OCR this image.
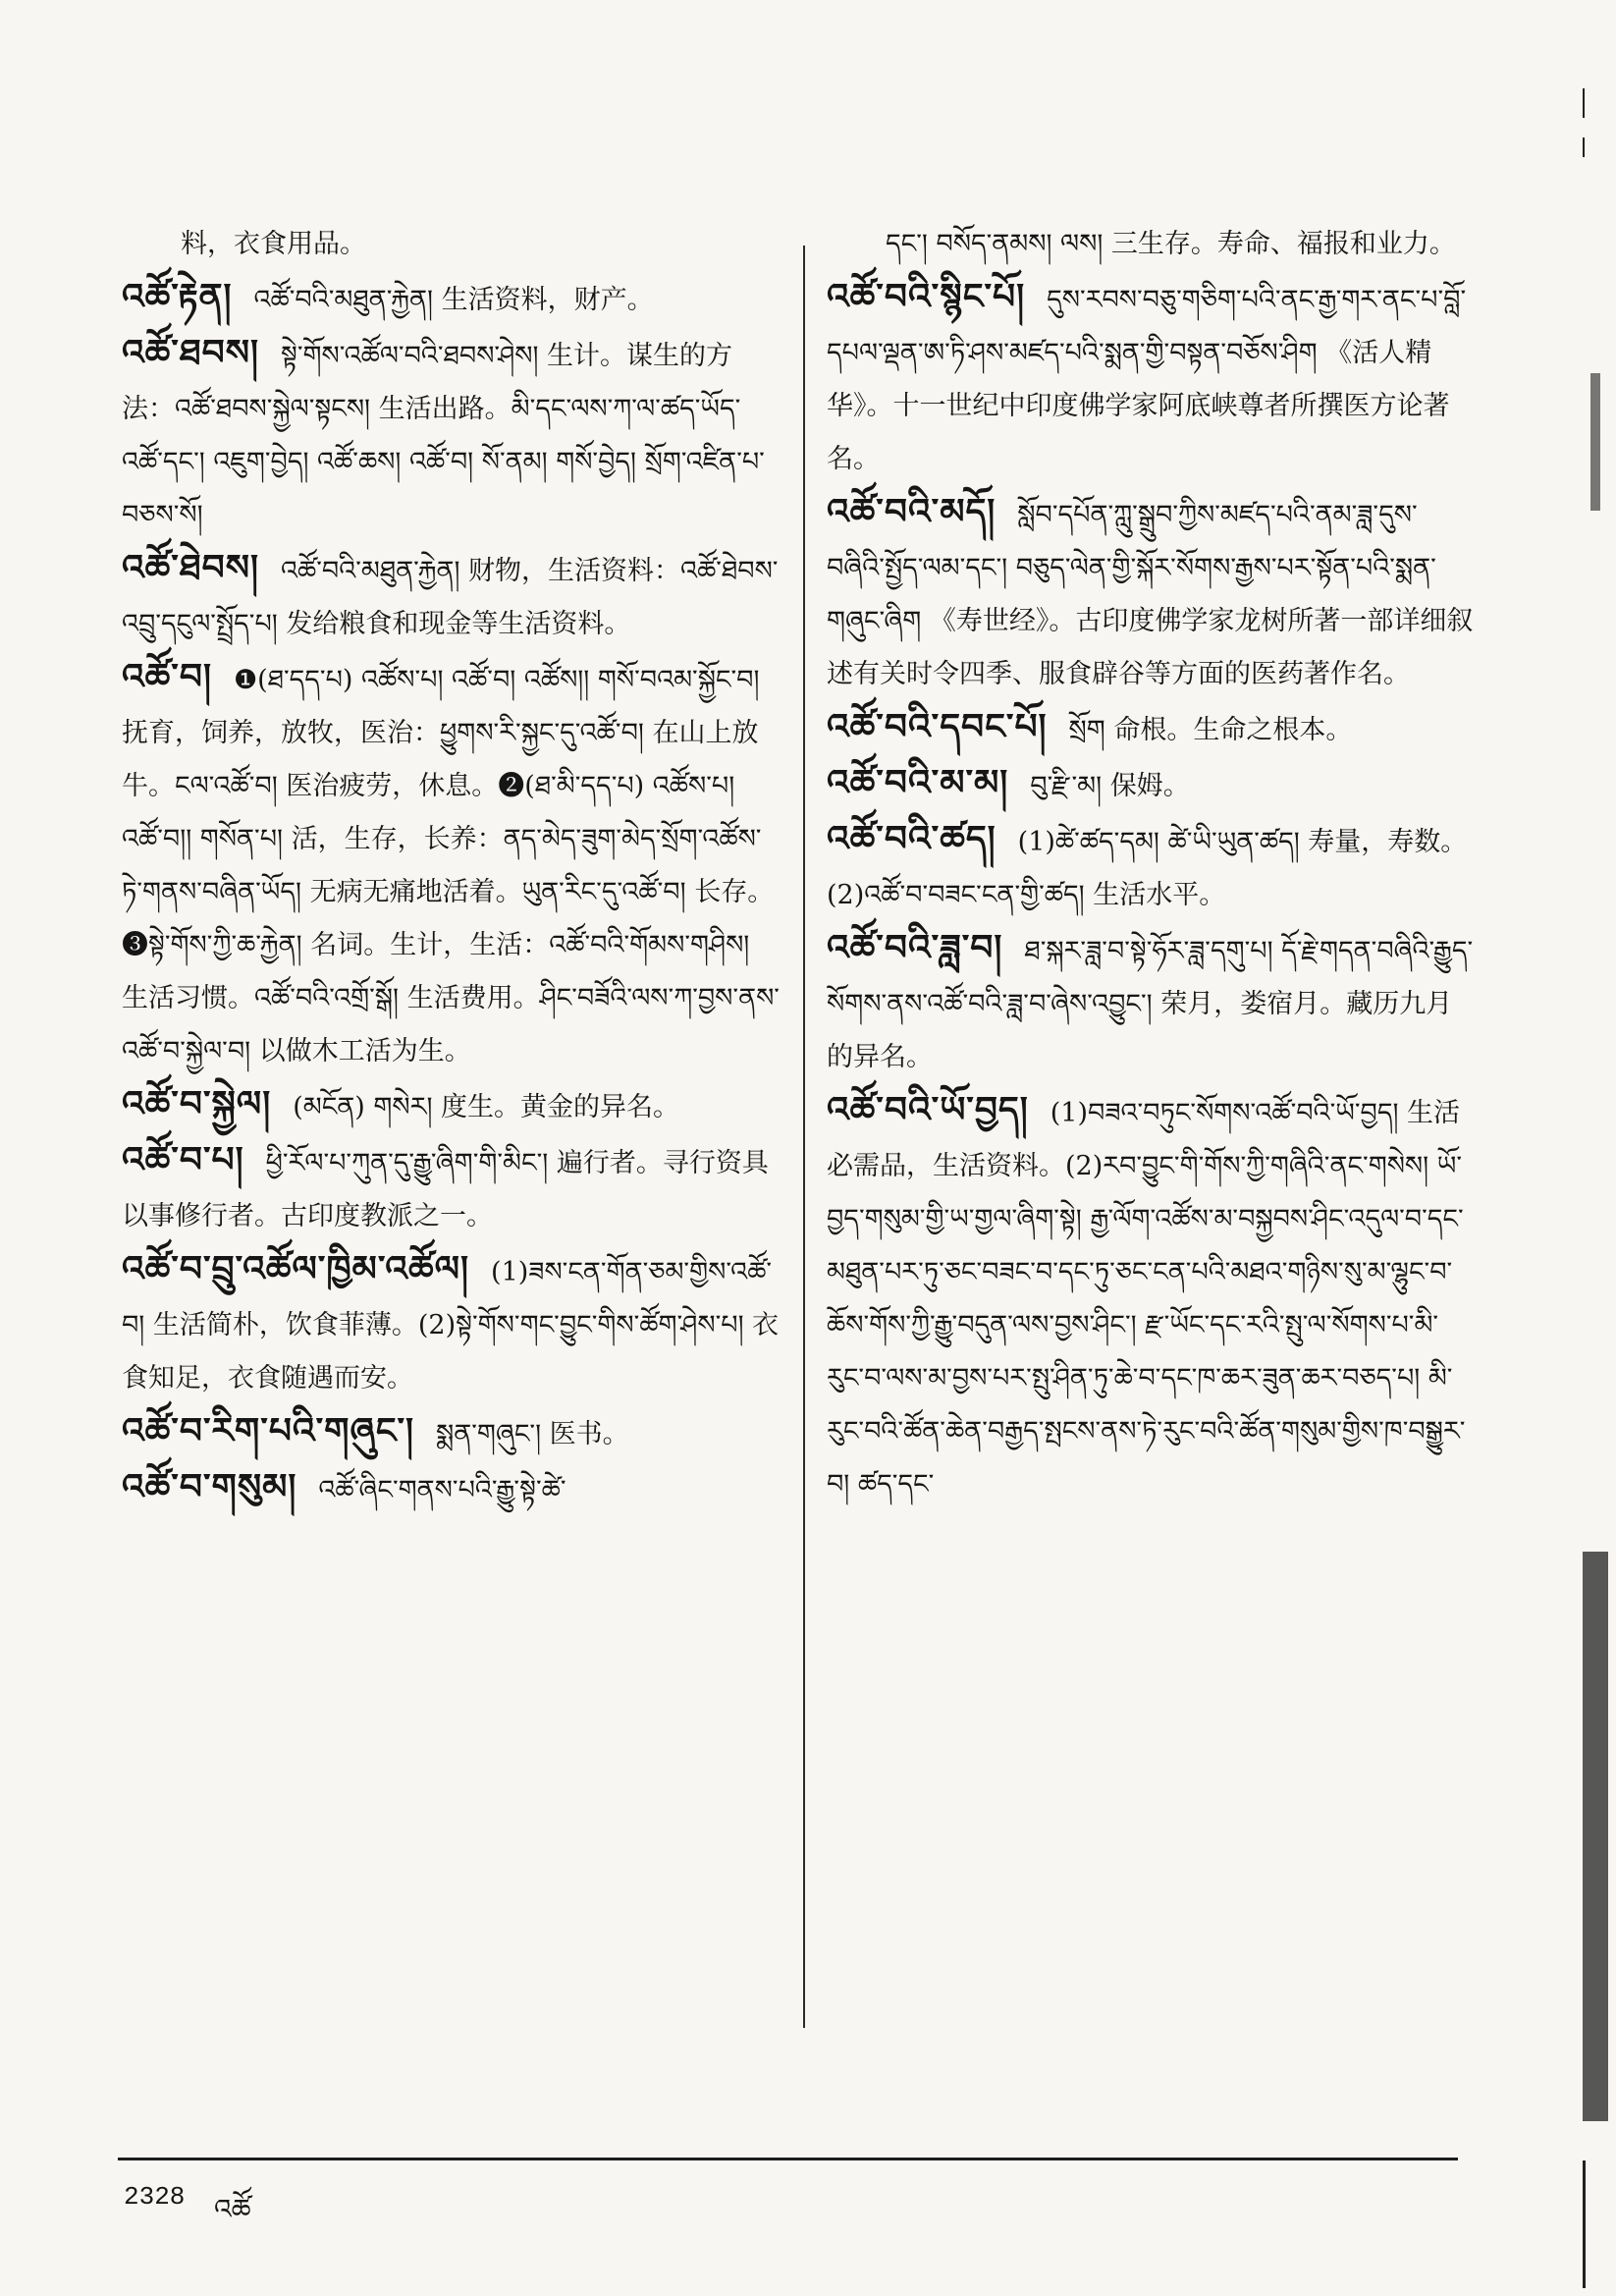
料，衣食用品。
འཚོ་རྟེན། འཚོ་བའི་མཐུན་རྐྱེན། 生活资料，财产。
འཚོ་ཐབས། སྟེ་གོས་འཚོལ་བའི་ཐབས་ཤེས། 生计。谋生的方法：འཚོ་ཐབས་སྐྱེལ་སྟངས། 生活出路。མི་དང་ལས་ཀ་ལ་ཚད་ཡོད་འཚོ་དང་། འཇུག་བྱེད། འཚོ་ཆས། འཚོ་བ། སོ་ནམ། གསོ་བྱེད། སྲོག་འཛིན་པ་བཅས་སོ།
འཚོ་ཐེབས། འཚོ་བའི་མཐུན་རྐྱེན། 财物，生活资料：འཚོ་ཐེབས་འབྲུ་དངུལ་སྤྲོད་པ། 发给粮食和现金等生活资料。
འཚོ་བ། ❶(ཐ་དད་པ) འཚོས་པ། འཚོ་བ། འཚོས།། གསོ་བའམ་སྐྱོང་བ། 抚育，饲养，放牧，医治：ཕྱུགས་རི་སྐྱང་དུ་འཚོ་བ། 在山上放牛。ངལ་འཚོ་བ། 医治疲劳，休息。❷(ཐ་མི་དད་པ) འཚོས་པ། འཚོ་བ།། གསོན་པ། 活，生存，长养：ནད་མེད་ཟུག་མེད་སྲོག་འཚོས་ཏེ་གནས་བཞིན་ཡོད། 无病无痛地活着。ཡུན་རིང་དུ་འཚོ་བ། 长存。❸སྟེ་གོས་ཀྱི་ཆ་རྐྱེན། 名词。生计，生活：འཚོ་བའི་གོམས་གཤིས། 生活习惯。འཚོ་བའི་འགྲོ་སྒོ། 生活费用。ཤིང་བཟོའི་ལས་ཀ་བྱས་ནས་འཚོ་བ་སྐྱེལ་བ། 以做木工活为生。
འཚོ་བ་སྐྱེལ། (མངོན) གསེར། 度生。黄金的异名。
འཚོ་བ་པ། ཕྱི་རོལ་པ་ཀུན་དུ་རྒྱུ་ཞིག་གི་མིང་། 遍行者。寻行资具以事修行者。古印度教派之一。
འཚོ་བ་བྲུ་འཚོལ་ཁྱིམ་འཚོལ། (1)ཟས་ངན་གོན་ཅམ་གྱིས་འཚོ་བ། 生活简朴，饮食菲薄。(2)སྟེ་གོས་གང་བྱུང་གིས་ཚོག་ཤེས་པ། 衣食知足，衣食随遇而安。
འཚོ་བ་རིག་པའི་གཞུང་། སྨན་གཞུང་། 医书。
འཚོ་བ་གསུམ། འཚོ་ཞིང་གནས་པའི་རྒྱུ་སྟེ་ཚེ་
དང་། བསོད་ནམས། ལས། 三生存。寿命、福报和业力。
འཚོ་བའི་སྙིང་པོ། དུས་རབས་བཅུ་གཅིག་པའི་ནང་རྒྱ་གར་ནང་པ་བློ་དཔལ་ལྡན་ཨ་ཏི་ཤས་མཛད་པའི་སྨན་གྱི་བསྟན་བཅོས་ཤིག 《活人精华》。十一世纪中印度佛学家阿底峡尊者所撰医方论著名。
འཚོ་བའི་མདོ། སློབ་དཔོན་ཀླུ་སྒྲུབ་ཀྱིས་མཛད་པའི་ནམ་ཟླ་དུས་བཞིའི་སྤྱོད་ལམ་དང་། བཅུད་ལེན་གྱི་སྐོར་སོགས་རྒྱས་པར་སྟོན་པའི་སྨན་གཞུང་ཞིག 《寿世经》。古印度佛学家龙树所著一部详细叙述有关时令四季、服食辟谷等方面的医药著作名。
འཚོ་བའི་དབང་པོ། སྲོག 命根。生命之根本。
འཚོ་བའི་མ་མ། བུ་རྫི་མ། 保姆。
འཚོ་བའི་ཚད། (1)ཚེ་ཚད་དམ། ཚེ་ཡི་ཡུན་ཚད། 寿量，寿数。(2)འཚོ་བ་བཟང་ངན་གྱི་ཚད། 生活水平。
འཚོ་བའི་ཟླ་བ། ཐ་སྐར་ཟླ་བ་སྟེ་ཧོར་ཟླ་དགུ་པ། དོ་རྗེ་གདན་བཞིའི་རྒྱུད་སོགས་ནས་འཚོ་བའི་ཟླ་བ་ཞེས་འབྱུང་། 荣月，娄宿月。藏历九月的异名。
འཚོ་བའི་ཡོ་བྱད། (1)བཟའ་བཏུང་སོགས་འཚོ་བའི་ཡོ་བྱད། 生活必需品，生活资料。(2)རབ་བྱུང་གི་གོས་ཀྱི་གཞིའི་ནང་གསེས། ཡོ་བྱད་གསུམ་གྱི་ཡ་གྱལ་ཞིག་སྟེ། རྒྱ་ལོག་འཚོས་མ་བསྐྱབས་ཤིང་འདུལ་བ་དང་མཐུན་པར་ཏུ་ཅང་བཟང་བ་དང་ཏུ་ཅང་ངན་པའི་མཐའ་གཉིས་སུ་མ་ལྷུང་བ་ཆོས་གོས་ཀྱི་རྒྱུ་བདུན་ལས་བྱས་ཤིང་། རྫ་ཡོང་དང་རའི་སྤུ་ལ་སོགས་པ་མི་རུང་བ་ལས་མ་བྱས་པར་སྤུ་ཤིན་ཏུ་ཆེ་བ་དང་ཁ་ཆར་ཟུན་ཆར་བཅད་པ། མི་རུང་བའི་ཚོན་ཆེན་བརྒྱད་སྤངས་ནས་ཏེ་རུང་བའི་ཚོན་གསུམ་གྱིས་ཁ་བསྒྱུར་བ། ཚད་དང་
2328 འཚོ
